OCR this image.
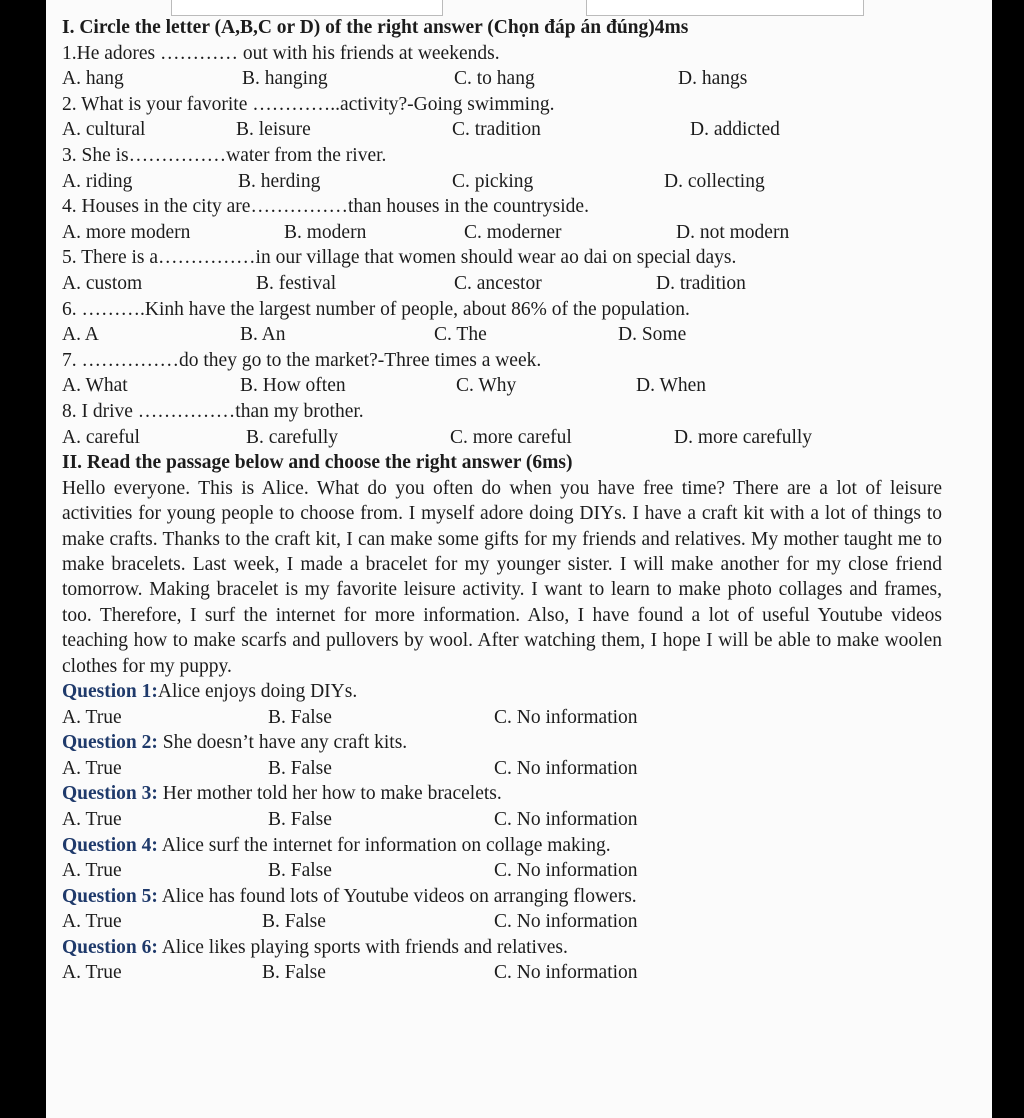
I. Circle the letter (A,B,C or D) of the right answer (Chọn đáp án đúng)4ms
1.He adores ………… out with his friends at weekends.
A. hang	B. hanging	C. to hang	D. hangs
2. What is your favorite …………..activity?-Going swimming.
A. cultural	B. leisure	C. tradition	D. addicted
3. She is……………water from the river.
A. riding	B. herding	C. picking	D. collecting
4. Houses in the city are……………than houses in the countryside.
A. more modern	B. modern	C. moderner	D. not modern
5. There is a……………in our village that women should wear ao dai on special days.
A. custom	B. festival	C. ancestor	D. tradition
6. ……….Kinh have the largest number of people, about 86% of the population.
A. A	B. An	C. The	D. Some
7. ……………do they go to the market?-Three times a week.
A. What	B. How often	C. Why	D. When
8. I drive ……………than my brother.
A. careful	B. carefully	C. more careful	D. more carefully
II. Read the passage below and choose the right answer (6ms)

Hello everyone. This is Alice. What do you often do when you have free time? There are a lot of leisure activities for young people to choose from. I myself adore doing DIYs. I have a craft kit with a lot of things to make crafts. Thanks to the craft kit, I can make some gifts for my friends and relatives. My mother taught me to make bracelets. Last week, I made a bracelet for my younger sister. I will make another for my close friend tomorrow. Making bracelet is my favorite leisure activity. I want to learn to make photo collages and frames, too. Therefore, I surf the internet for more information. Also, I have found a lot of useful Youtube videos teaching how to make scarfs and pullovers by wool. After watching them, I hope I will be able to make woolen clothes for my puppy.

Question 1:Alice enjoys doing DIYs.
A. True	B. False	C. No information
Question 2: She doesn’t have any craft kits.
A. True	B. False	C. No information
Question 3: Her mother told her how to make bracelets.
A. True	B. False	C. No information
Question 4: Alice surf the internet for information on collage making.
A. True	B. False	C. No information
Question 5: Alice has found lots of Youtube videos on arranging flowers.
A. True	B. False	C. No information
Question 6: Alice likes playing sports with friends and relatives.
A. True	B. False	C. No information
